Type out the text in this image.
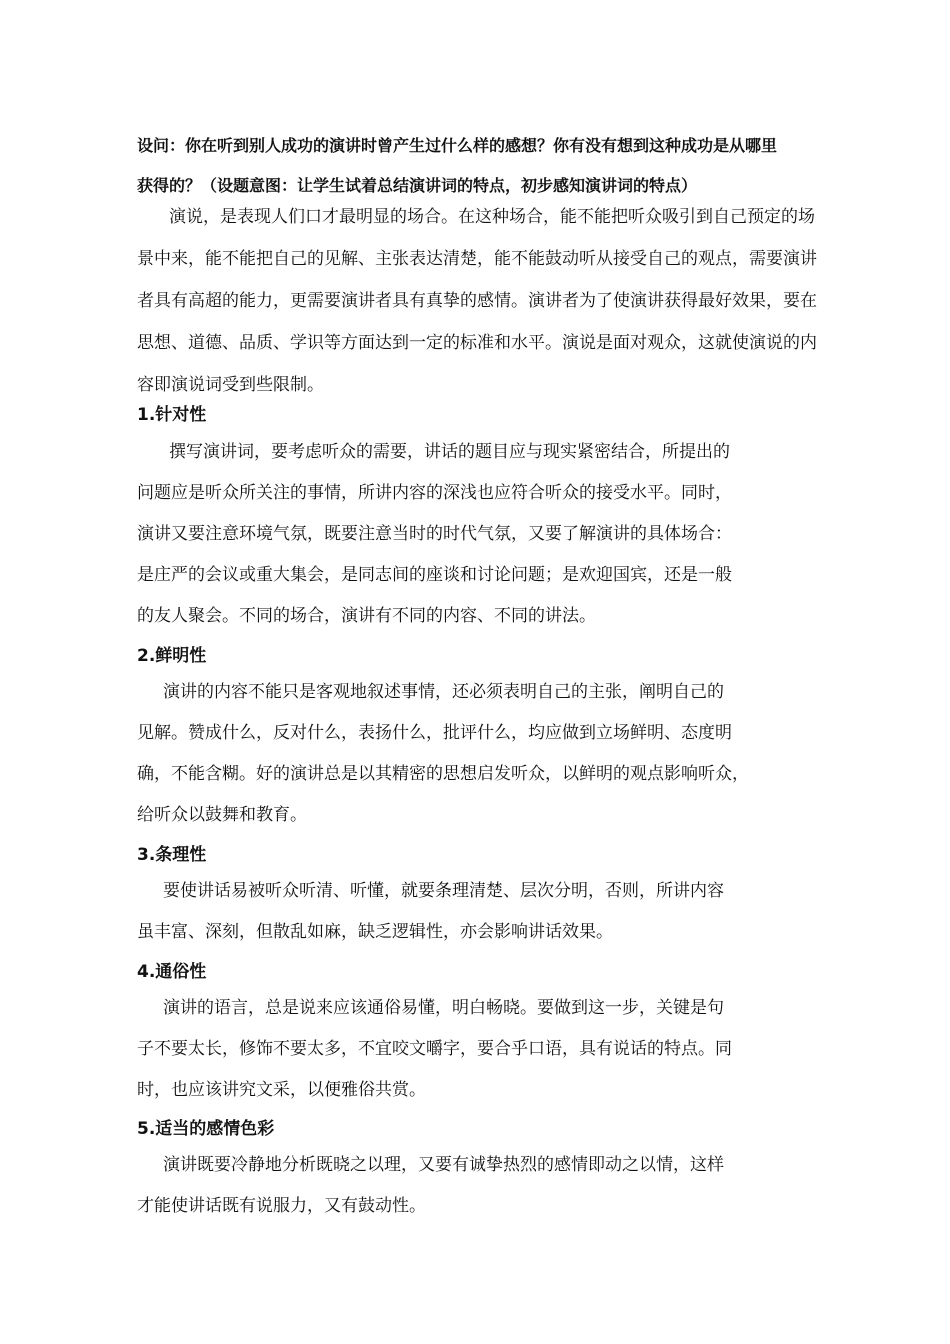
设问：你在听到别人成功的演讲时曾产生过什么样的感想？你有没有想到这种成功是从哪里
获得的？（设题意图：让学生试着总结演讲词的特点，初步感知演讲词的特点）
演说，是表现人们口才最明显的场合。在这种场合，能不能把听众吸引到自己预定的场
景中来，能不能把自己的见解、主张表达清楚，能不能鼓动听从接受自己的观点，需要演讲
者具有高超的能力，更需要演讲者具有真挚的感情。演讲者为了使演讲获得最好效果，要在
思想、道德、品质、学识等方面达到一定的标准和水平。演说是面对观众，这就使演说的内
容即演说词受到些限制。
1.针对性
撰写演讲词，要考虑听众的需要，讲话的题目应与现实紧密结合，所提出的
问题应是听众所关注的事情，所讲内容的深浅也应符合听众的接受水平。同时，
演讲又要注意环境气氛，既要注意当时的时代气氛，又要了解演讲的具体场合：
是庄严的会议或重大集会，是同志间的座谈和讨论问题；是欢迎国宾，还是一般
的友人聚会。不同的场合，演讲有不同的内容、不同的讲法。
2.鲜明性
演讲的内容不能只是客观地叙述事情，还必须表明自己的主张，阐明自己的
见解。赞成什么，反对什么，表扬什么，批评什么，均应做到立场鲜明、态度明
确，不能含糊。好的演讲总是以其精密的思想启发听众，以鲜明的观点影响听众，
给听众以鼓舞和教育。
3.条理性
要使讲话易被听众听清、听懂，就要条理清楚、层次分明，否则，所讲内容
虽丰富、深刻，但散乱如麻，缺乏逻辑性，亦会影响讲话效果。
4.通俗性
演讲的语言，总是说来应该通俗易懂，明白畅晓。要做到这一步，关键是句
子不要太长，修饰不要太多，不宜咬文嚼字，要合乎口语，具有说话的特点。同
时，也应该讲究文采，以便雅俗共赏。
5.适当的感情色彩
演讲既要冷静地分析既晓之以理，又要有诚挚热烈的感情即动之以情，这样
才能使讲话既有说服力，又有鼓动性。
